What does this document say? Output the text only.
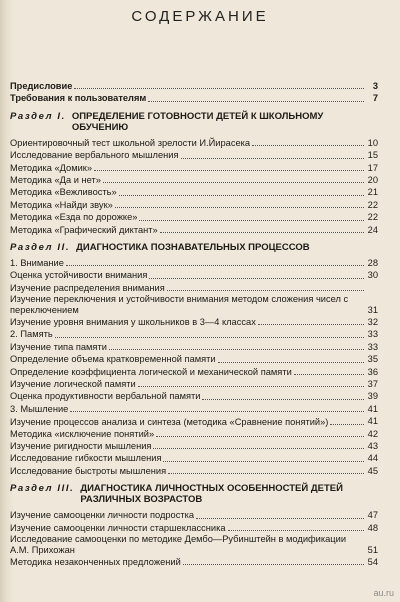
СОДЕРЖАНИЕ
Предисловие	3
Требования к пользователям	7
Раздел I. ОПРЕДЕЛЕНИЕ ГОТОВНОСТИ ДЕТЕЙ К ШКОЛЬНОМУ ОБУЧЕНИЮ
Ориентировочный тест школьной зрелости И.Йирасека	10
Исследование вербального мышления	15
Методика «Домик»	17
Методика «Да и нет»	20
Методика «Вежливость»	21
Методика «Найди звук»	22
Методика «Езда по дорожке»	22
Методика «Графический диктант»	24
Раздел II. ДИАГНОСТИКА ПОЗНАВАТЕЛЬНЫХ ПРОЦЕССОВ
1. Внимание	28
Оценка устойчивости внимания	30
Изучение распределения внимания
Изучение переключения и устойчивости внимания методом сложения чисел с переключением	31
Изучение уровня внимания у школьников в 3—4 классах	32
2. Память	33
Изучение типа памяти	33
Определение объема кратковременной памяти	35
Определение коэффициента логической и механической памяти	36
Изучение логической памяти	37
Оценка продуктивности вербальной памяти	39
3. Мышление	41
Изучение процессов анализа и синтеза (методика «Сравнение понятий»)	41
Методика «исключение понятий»	42
Изучение ригидности мышления	43
Исследование гибкости мышления	44
Исследование быстроты мышления	45
Раздел III. ДИАГНОСТИКА ЛИЧНОСТНЫХ ОСОБЕННОСТЕЙ ДЕТЕЙ РАЗЛИЧНЫХ ВОЗРАСТОВ
Изучение самооценки личности подростка	47
Изучение самооценки личности старшеклассника	48
Исследование самооценки по методике Дембо—Рубинштейн в модификации А.М. Прихожан	51
Методика незаконченных предложений	54
au.ru
